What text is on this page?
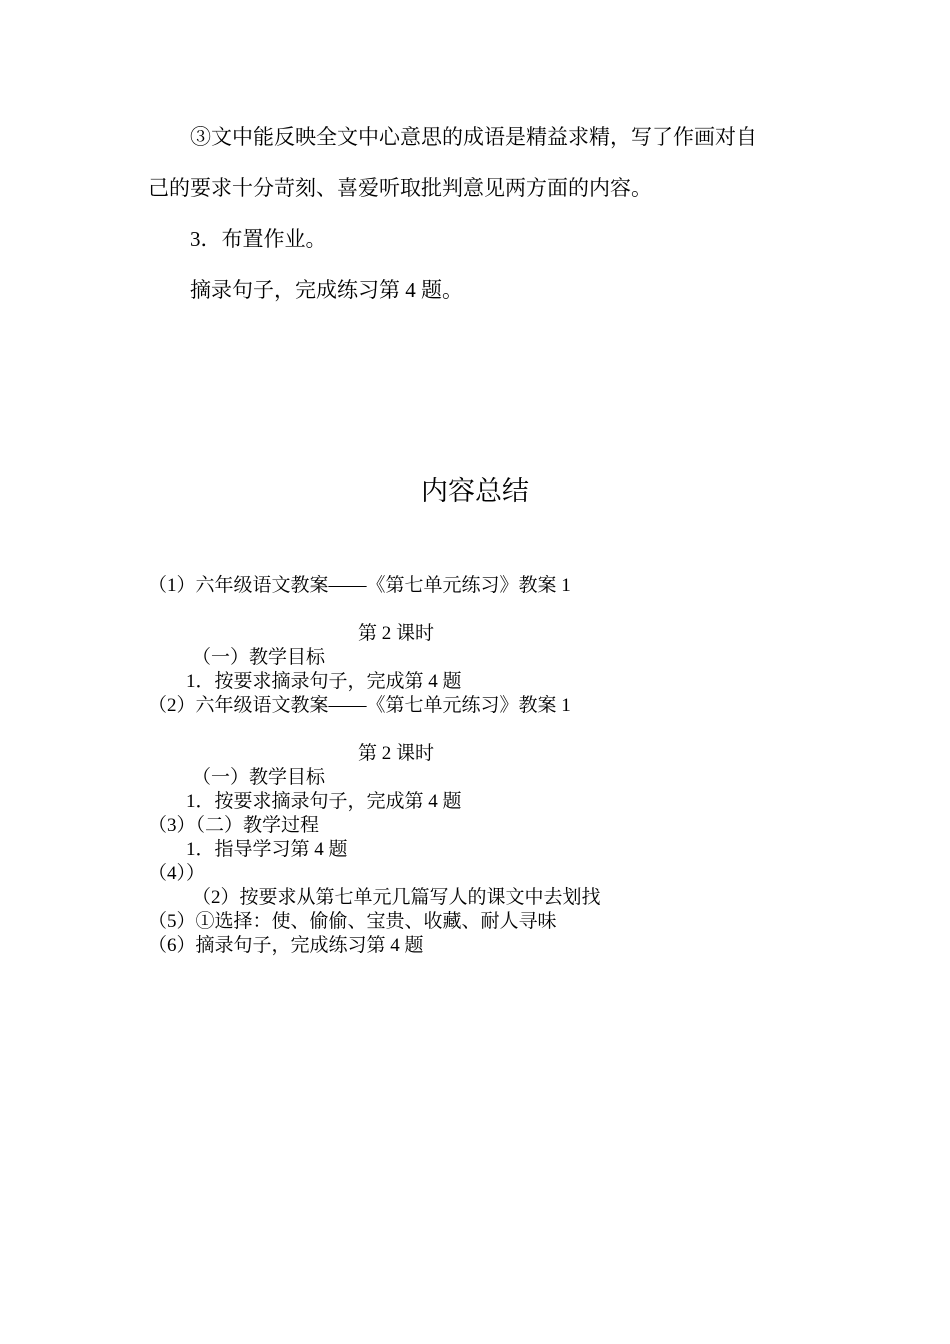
③文中能反映全文中心意思的成语是精益求精，写了作画对自
己的要求十分苛刻、喜爱听取批判意见两方面的内容。
3．布置作业。
摘录句子，完成练习第 4 题。
内容总结
（1）六年级语文教案——《第七单元练习》教案 1
第 2 课时
（一）教学目标
1．按要求摘录句子，完成第 4 题
（2）六年级语文教案——《第七单元练习》教案 1
第 2 课时
（一）教学目标
1．按要求摘录句子，完成第 4 题
（3）（二）教学过程
1．指导学习第 4 题
（4））
（2）按要求从第七单元几篇写人的课文中去划找
（5）①选择：使、偷偷、宝贵、收藏、耐人寻味
（6）摘录句子，完成练习第 4 题
